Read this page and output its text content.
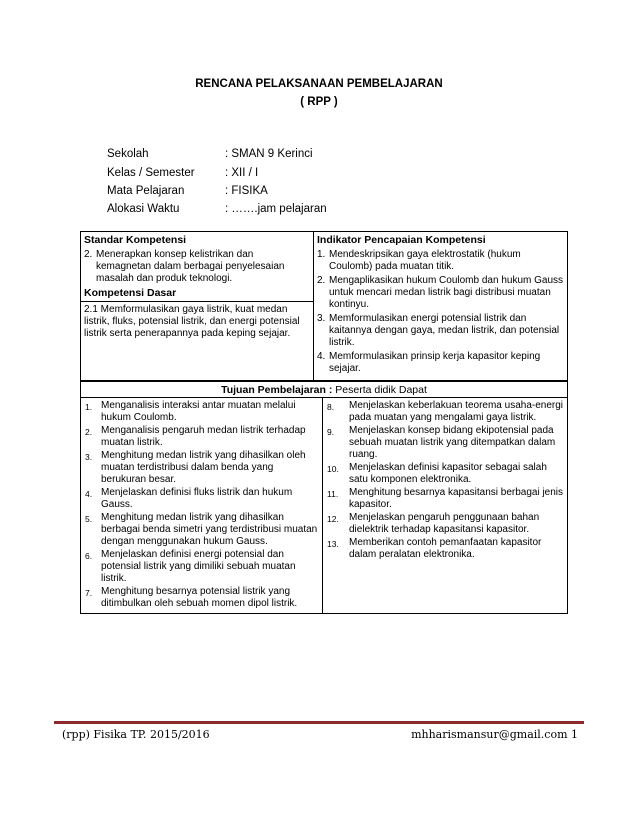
RENCANA PELAKSANAAN PEMBELAJARAN
( RPP )
Sekolah	: SMAN 9 Kerinci
Kelas / Semester	: XII / I
Mata Pelajaran	: FISIKA
Alokasi Waktu	: …….jam pelajaran
Standar Kompetensi
2. Menerapkan konsep kelistrikan dan kemagnetan dalam berbagai penyelesaian masalah dan produk teknologi.
Kompetensi Dasar
2.1 Memformulasikan gaya listrik, kuat medan listrik, fluks, potensial listrik, dan energi potensial listrik serta penerapannya pada keping sejajar.

Indikator Pencapaian Kompetensi
1. Mendeskripsikan gaya elektrostatik (hukum Coulomb) pada muatan titik.
2. Mengaplikasikan hukum Coulomb dan hukum Gauss untuk mencari medan listrik bagi distribusi muatan kontinyu.
3. Memformulasikan energi potensial listrik dan kaitannya dengan gaya, medan listrik, dan potensial listrik.
4. Memformulasikan prinsip kerja kapasitor keping sejajar.
Tujuan Pembelajaran : Peserta didik Dapat

1. Menganalisis interaksi antar muatan melalui hukum Coulomb.
2. Menganalisis pengaruh medan listrik terhadap muatan listrik.
3. Menghitung medan listrik yang dihasilkan oleh muatan terdistribusi dalam benda yang berukuran besar.
4. Menjelaskan definisi fluks listrik dan hukum Gauss.
5. Menghitung medan listrik yang dihasilkan berbagai benda simetri yang terdistribusi muatan dengan menggunakan hukum Gauss.
6. Menjelaskan definisi energi potensial dan potensial listrik yang dimiliki sebuah muatan listrik.
7. Menghitung besarnya potensial listrik yang ditimbulkan oleh sebuah momen dipol listrik.

8.	Menjelaskan keberlakuan teorema usaha-energi pada muatan yang mengalami gaya listrik.
9.	Menjelaskan konsep bidang ekipotensial pada sebuah muatan listrik yang ditempatkan dalam ruang.
10.	Menjelaskan definisi kapasitor sebagai salah satu komponen elektronika.
11.	Menghitung besarnya kapasitansi berbagai jenis kapasitor.
12.	Menjelaskan pengaruh penggunaan bahan dielektrik terhadap kapasitansi kapasitor.
13.	Memberikan contoh pemanfaatan kapasitor dalam peralatan elektronika.
(rpp) Fisika TP. 2015/2016	mhharismansur@gmail.com 1
